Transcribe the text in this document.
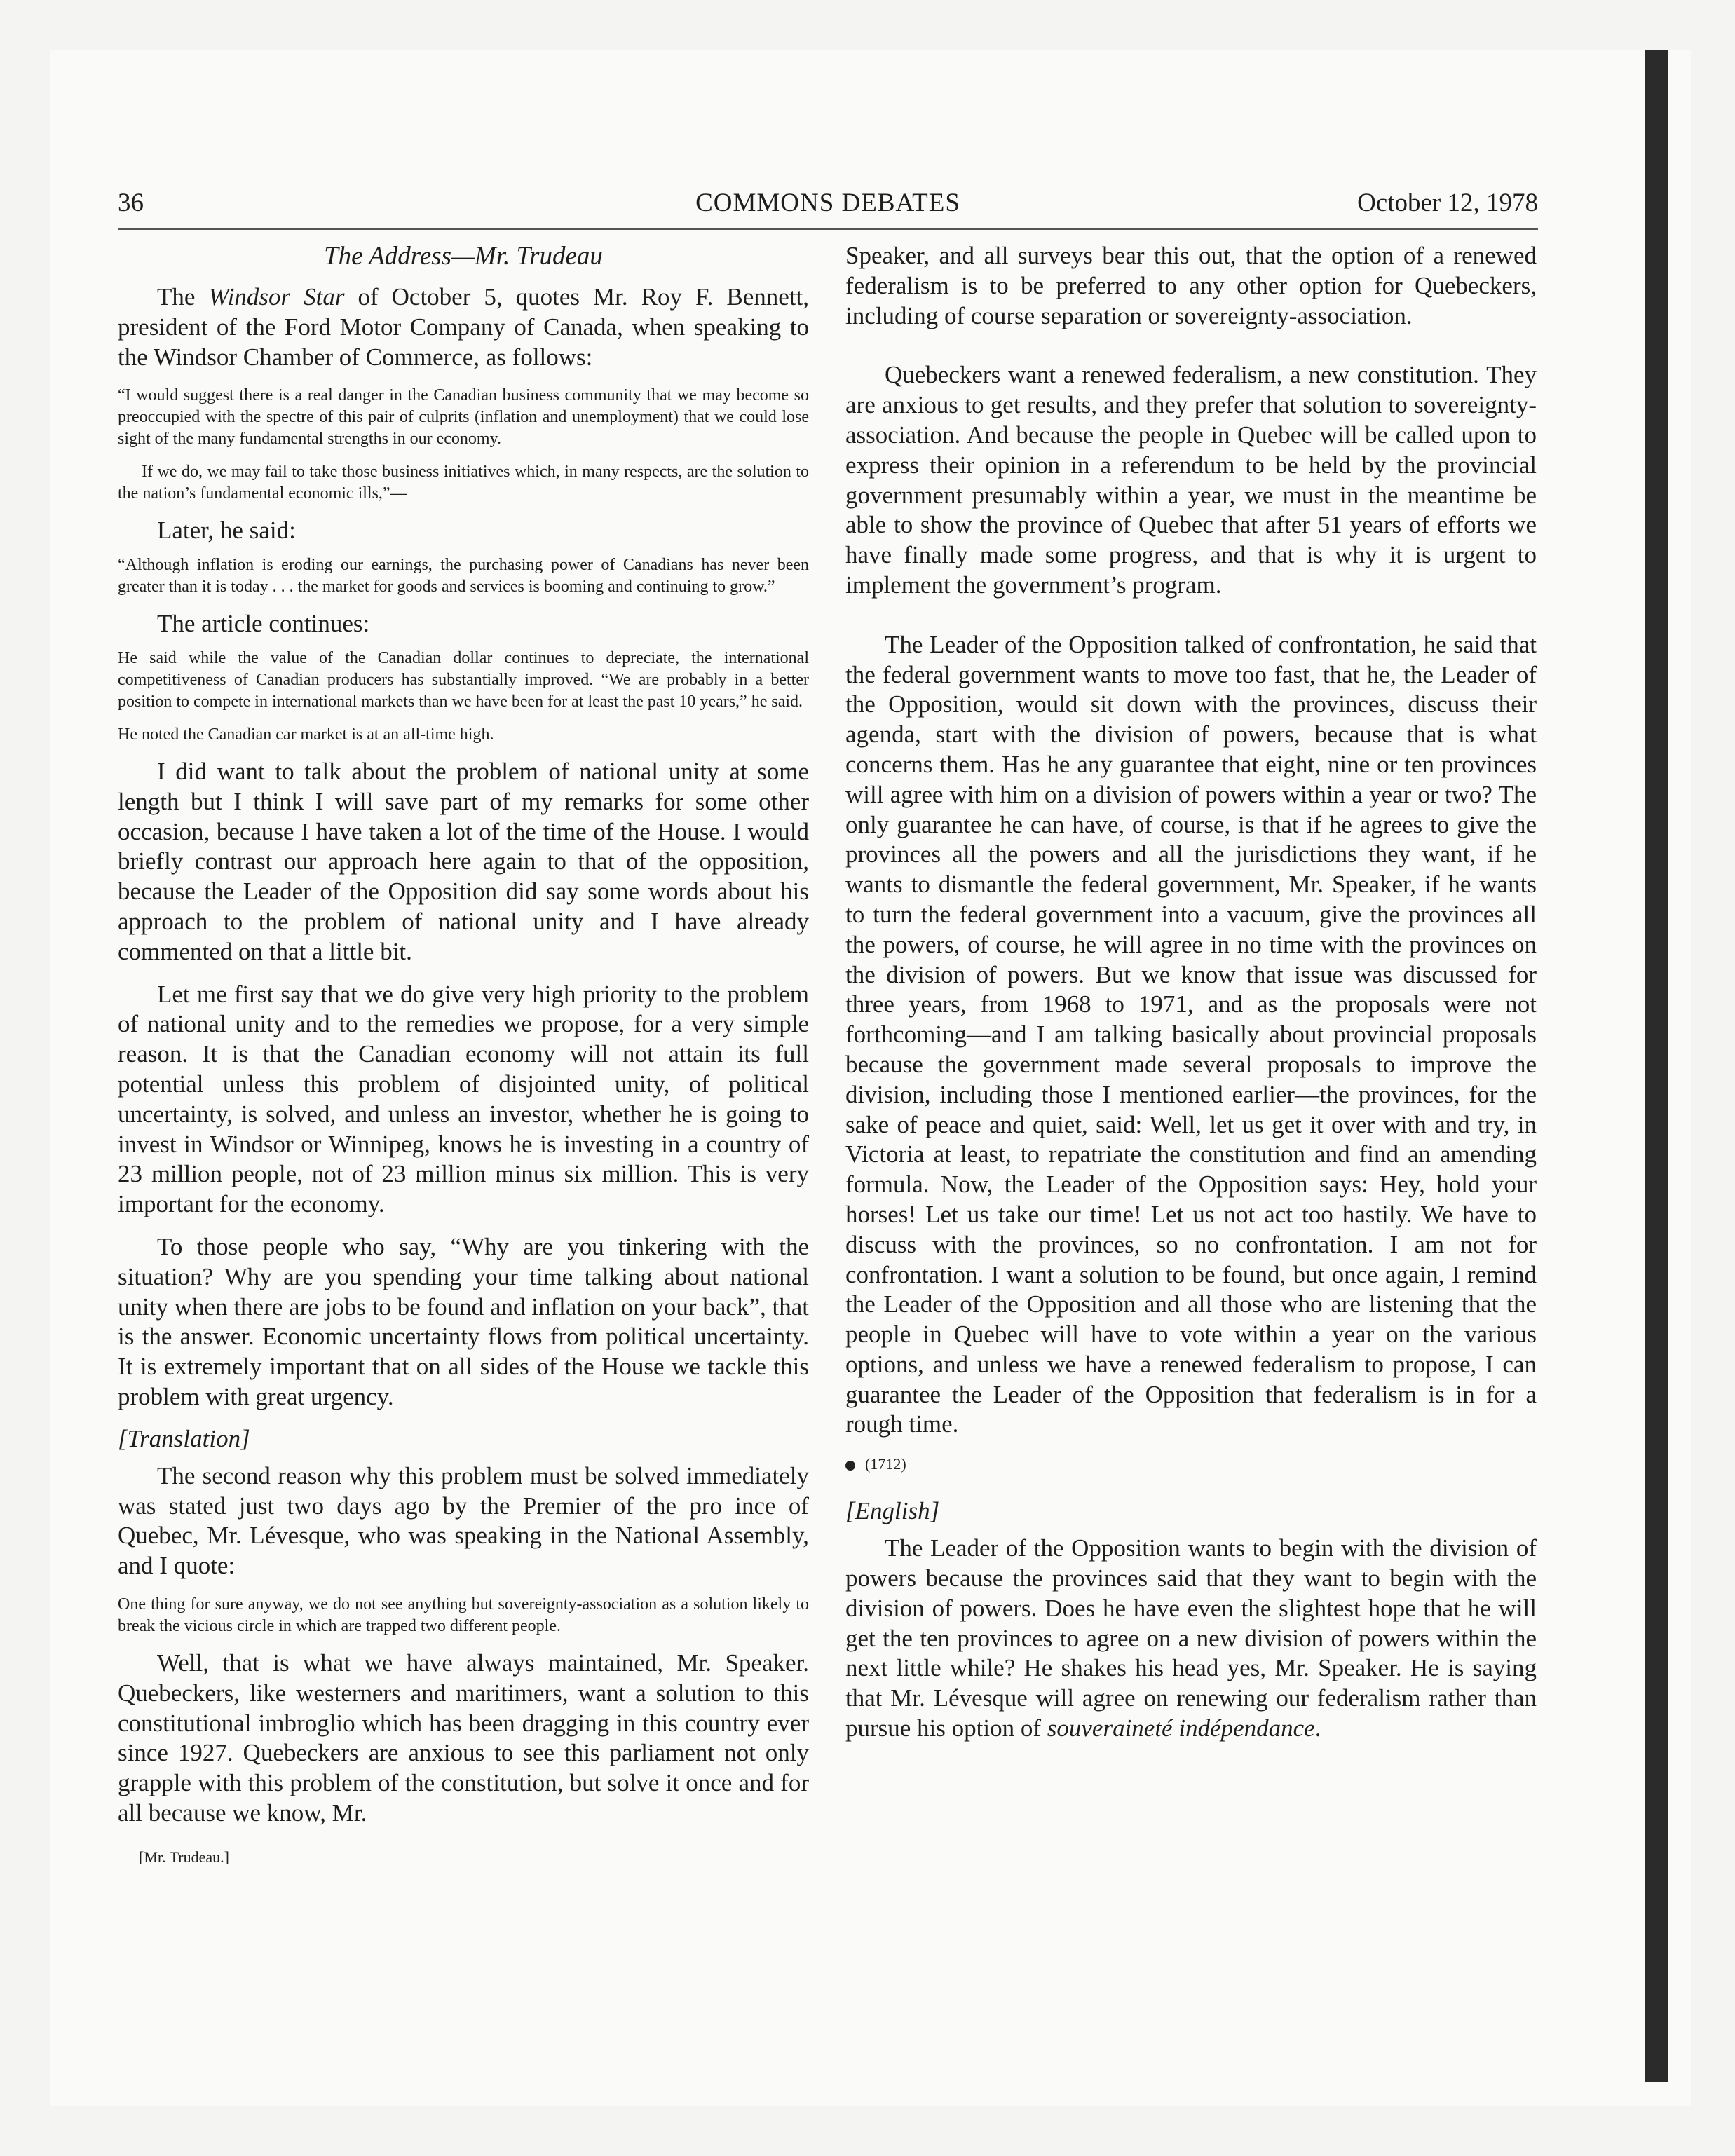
36	COMMONS DEBATES	October 12, 1978
The Address—Mr. Trudeau

The Windsor Star of October 5, quotes Mr. Roy F. Bennett, president of the Ford Motor Company of Canada, when speaking to the Windsor Chamber of Commerce, as follows:

“I would suggest there is a real danger in the Canadian business community that we may become so preoccupied with the spectre of this pair of culprits (inflation and unemployment) that we could lose sight of the many fundamental strengths in our economy.

If we do, we may fail to take those business initiatives which, in many respects, are the solution to the nation’s fundamental economic ills,”—

Later, he said:

“Although inflation is eroding our earnings, the purchasing power of Canadians has never been greater than it is today . . . the market for goods and services is booming and continuing to grow.”

The article continues:

He said while the value of the Canadian dollar continues to depreciate, the international competitiveness of Canadian producers has substantially improved. “We are probably in a better position to compete in international markets than we have been for at least the past 10 years,” he said.

He noted the Canadian car market is at an all-time high.

I did want to talk about the problem of national unity at some length but I think I will save part of my remarks for some other occasion, because I have taken a lot of the time of the House. I would briefly contrast our approach here again to that of the opposition, because the Leader of the Opposition did say some words about his approach to the problem of national unity and I have already commented on that a little bit.

Let me first say that we do give very high priority to the problem of national unity and to the remedies we propose, for a very simple reason. It is that the Canadian economy will not attain its full potential unless this problem of disjointed unity, of political uncertainty, is solved, and unless an investor, whether he is going to invest in Windsor or Winnipeg, knows he is investing in a country of 23 million people, not of 23 million minus six million. This is very important for the economy.

To those people who say, “Why are you tinkering with the situation? Why are you spending your time talking about national unity when there are jobs to be found and inflation on your back”, that is the answer. Economic uncertainty flows from political uncertainty. It is extremely important that on all sides of the House we tackle this problem with great urgency.

[Translation]

The second reason why this problem must be solved immediately was stated just two days ago by the Premier of the pro ince of Quebec, Mr. Lévesque, who was speaking in the National Assembly, and I quote:

One thing for sure anyway, we do not see anything but sovereignty-association as a solution likely to break the vicious circle in which are trapped two different people.

Well, that is what we have always maintained, Mr. Speaker. Quebeckers, like westerners and maritimers, want a solution to this constitutional imbroglio which has been dragging in this country ever since 1927. Quebeckers are anxious to see this parliament not only grapple with this problem of the constitution, but solve it once and for all because we know, Mr.

[Mr. Trudeau.]

Speaker, and all surveys bear this out, that the option of a renewed federalism is to be preferred to any other option for Quebeckers, including of course separation or sovereignty-association.

Quebeckers want a renewed federalism, a new constitution. They are anxious to get results, and they prefer that solution to sovereignty-association. And because the people in Quebec will be called upon to express their opinion in a referendum to be held by the provincial government presumably within a year, we must in the meantime be able to show the province of Quebec that after 51 years of efforts we have finally made some progress, and that is why it is urgent to implement the government’s program.

The Leader of the Opposition talked of confrontation, he said that the federal government wants to move too fast, that he, the Leader of the Opposition, would sit down with the provinces, discuss their agenda, start with the division of powers, because that is what concerns them. Has he any guarantee that eight, nine or ten provinces will agree with him on a division of powers within a year or two? The only guarantee he can have, of course, is that if he agrees to give the provinces all the powers and all the jurisdictions they want, if he wants to dismantle the federal government, Mr. Speaker, if he wants to turn the federal government into a vacuum, give the provinces all the powers, of course, he will agree in no time with the provinces on the division of powers. But we know that issue was discussed for three years, from 1968 to 1971, and as the proposals were not forthcoming—and I am talking basically about provincial proposals because the government made several proposals to improve the division, including those I mentioned earlier—the provinces, for the sake of peace and quiet, said: Well, let us get it over with and try, in Victoria at least, to repatriate the constitution and find an amending formula. Now, the Leader of the Opposition says: Hey, hold your horses! Let us take our time! Let us not act too hastily. We have to discuss with the provinces, so no confrontation. I am not for confrontation. I want a solution to be found, but once again, I remind the Leader of the Opposition and all those who are listening that the people in Quebec will have to vote within a year on the various options, and unless we have a renewed federalism to propose, I can guarantee the Leader of the Opposition that federalism is in for a rough time.

(1712)

[English]

The Leader of the Opposition wants to begin with the division of powers because the provinces said that they want to begin with the division of powers. Does he have even the slightest hope that he will get the ten provinces to agree on a new division of powers within the next little while? He shakes his head yes, Mr. Speaker. He is saying that Mr. Lévesque will agree on renewing our federalism rather than pursue his option of souveraineté indépendance.
